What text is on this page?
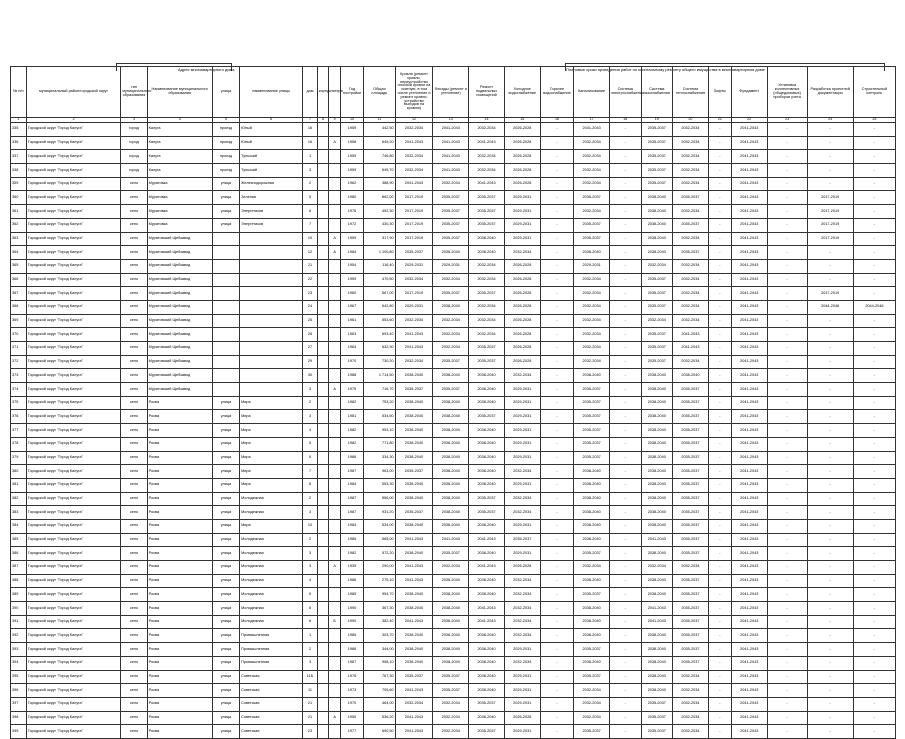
Адрес многоквартирного дома	Плановые сроки проведения работ по капитальному ремонту общего имущества в многоквартирном доме
№ п/п	муниципальный район/городской округ	тип муниципального образования	Наименование муниципального образования	улица	наименование улицы	дом	корпус	литера	Год постройки	Общая площадь	Кровля (ремонт кровли, переустройство плоской кровли на скатную, в том числе утепление и ремонт кровли, устройство выходов на кровлю)	Фасады (ремонт и утепление)	Ремонт подвальных помещений	Холодное водоснабжение	Горячее водоснабжение	Канализование	Система электроснабжения	Система газоснабжения	Система теплоснабжения	Лифты	Фундамент	Установка коллективных (общедомовых) приборов учета	Разработка проектной документации	Строительный контроль
1	2	3	4	5	6	7	8	9	10	11	12	13	14	15	16	17	18	19	20	21	22	23	24	25
335	Городской округ "Город Калуга"	город	Калуга	проезд	Юный	16			1959	442,50	2032-2034	2041-2043	2032-2034	2026-2028	-	2041-2043	-	2035-2037	2032-2034	-	2041-2043	-	-	-
336	Городской округ "Город Калуга"	город	Калуга	проезд	Юный	16		А	1958	649,20	2041-2043	2041-2043	2041-2043	2026-2028	-	2032-2034	-	2035-2037	2032-2034	-	2041-2043	-	-	-
337	Городской округ "Город Калуга"	город	Калуга	проезд	Тульский	1			1959	746,80	2032-2034	2041-2043	2032-2034	2026-2028	-	2032-2034	-	2035-2037	2032-2034	-	2041-2043	-	-	-
338	Городской округ "Город Калуга"	город	Калуга	проезд	Тульский	3			1959	645,70	2032-2034	2041-2043	2032-2034	2026-2028	-	2032-2034	-	2035-2037	2032-2034	-	2041-2043	-	-	-
359	Городской округ "Город Калуга"	село	Муратовка	улица	Железнодорожная	2			1962	388,90	2041-2043	2032-2034	2041-2043	2026-2028	-	2032-2034	-	2035-2037	2032-2034	-	2041-2043	-	-	-
360	Городской округ "Город Калуга"	село	Муратовка	улица	Зеленая	5			1980	862,00	2017-2019	2035-2037	2035-2037	2029-2031	-	2035-2037	-	2038-2040	2035-2037	-	2041-2043	-	2017-2019	-
361	Городской округ "Город Калуга"	село	Муратовка	улица	Энергетиков	6			1976	492,30	2017-2019	2035-2037	2035-2037	2029-2031	-	2032-2034	-	2038-2040	2032-2034	-	2041-2043	-	2017-2019	-
362	Городской округ "Город Калуга"	село	Муратовка	улица	Энергетиков	7			1972	430,30	2017-2019	2035-2037	2035-2037	2029-2031	-	2035-2037	-	2038-2040	2035-2037	-	2041-2043	-	2017-2019	-
363	Городской округ "Город Калуга"	село	Муратовский Щебзавод			10		А	1959	317,90	2017-2019	2035-2037	2038-2040	2029-2031	-	2035-2037	-	2038-2040	2032-2034	-	2041-2043	-	2017-2019	-
364	Городской округ "Город Калуга"	село	Муратовский Щебзавод			12		А	1984	1 100,80	2035-2037	2038-2040	2038-2040	2032-2034	-	2038-2040	-	2038-2040	2035-2037	-	2041-2043	-	-	-
365	Городской округ "Город Калуга"	село	Муратовский Щебзавод			21			1954	116,40	2029-2031	2029-2031	2032-2034	2026-2028	-	2029-2031	-	2032-2034	2032-2034	-	2041-2043	-	-	-
366	Городской округ "Город Калуга"	село	Муратовский Щебзавод			22			1959	470,50	2032-2034	2032-2034	2032-2034	2026-2028	-	2032-2034	-	2035-2037	2032-2034	-	2041-2043	-	-	-
367	Городской округ "Город Калуга"	село	Муратовский Щебзавод			23			1960	567,00	2017-2019	2035-2037	2035-2037	2026-2028	-	2032-2034	-	2035-2037	2032-2034	-	2041-2043	-	2017-2019	-
368	Городской округ "Город Калуга"	село	Муратовский Щебзавод			24			1967	642,80	2029-2031	2038-2040	2032-2034	2026-2028	-	2032-2034	-	2035-2037	2032-2034	-	2041-2043	-	2044-2046	2044-2046
369	Городской округ "Город Калуга"	село	Муратовский Щебзавод			25			1961	553,60	2032-2034	2032-2034	2032-2034	2026-2028	-	2032-2034	-	2032-2034	2032-2034	-	2041-2043	-	-	-
370	Городской округ "Город Калуга"	село	Муратовский Щебзавод			26			1963	693,40	2041-2043	2032-2034	2032-2034	2026-2028	-	2032-2034	-	2035-2037	2041-2043	-	2041-2043	-	-	-
371	Городской округ "Город Калуга"	село	Муратовский Щебзавод			27			1964	632,30	2041-2043	2032-2034	2035-2037	2026-2028	-	2032-2034	-	2035-2037	2041-2043	-	2041-2043	-	-	-
372	Городской округ "Город Калуга"	село	Муратовский Щебзавод			29			1970	730,20	2032-2034	2035-2037	2035-2037	2026-2028	-	2032-2034	-	2035-2037	2032-2034	-	2041-2043	-	-	-
373	Городской округ "Город Калуга"	село	Муратовский Щебзавод			30			1988	1 714,50	2038-2040	2038-2040	2038-2040	2032-2034	-	2038-2040	-	2038-2040	2038-2040	-	2041-2043	-	-	-
374	Городской округ "Город Калуга"	село	Муратовский Щебзавод			3		А	1979	716,70	2035-2037	2035-2037	2038-2040	2029-2031	-	2035-2037	-	2038-2040	2035-2037	-	2041-2043	-	-	-
375	Городской округ "Город Калуга"	село	Росва	улица	Мира	2			1982	753,20	2038-2040	2038-2040	2038-2040	2029-2031	-	2035-2037	-	2038-2040	2035-2037	-	2041-2043	-	-	-
376	Городской округ "Город Калуга"	село	Росва	улица	Мира	3			1981	534,60	2038-2040	2038-2040	2035-2037	2029-2031	-	2035-2037	-	2038-2040	2035-2037	-	2041-2043	-	-	-
377	Городской округ "Город Калуга"	село	Росва	улица	Мира	4			1982	953,10	2038-2040	2038-2040	2038-2040	2029-2031	-	2035-2037	-	2038-2040	2035-2037	-	2041-2043	-	-	-
378	Городской округ "Город Калуга"	село	Росва	улица	Мира	5			1982	771,80	2038-2040	2038-2040	2038-2040	2029-2031	-	2035-2037	-	2038-2040	2035-2037	-	2041-2043	-	-	-
379	Городской округ "Город Калуга"	село	Росва	улица	Мира	6			1986	334,30	2038-2040	2038-2040	2038-2040	2029-2031	-	2035-2037	-	2038-2040	2035-2037	-	2041-2043	-	-	-
380	Городской округ "Город Калуга"	село	Росва	улица	Мира	7			1987	963,00	2035-2037	2038-2040	2038-2040	2032-2034	-	2038-2040	-	2038-2040	2035-2037	-	2041-2043	-	-	-
381	Городской округ "Город Калуга"	село	Росва	улица	Мира	8			1984	553,30	2038-2040	2038-2040	2038-2040	2029-2031	-	2038-2040	-	2038-2040	2035-2037	-	2041-2043	-	-	-
382	Городской округ "Город Калуга"	село	Росва	улица	Молодежная	2			1987	556,00	2038-2040	2038-2040	2035-2037	2032-2034	-	2038-2040	-	2038-2040	2035-2037	-	2041-2043	-	-	-
383	Городской округ "Город Калуга"	село	Росва	улица	Молодежная	3			1987	931,20	2035-2037	2038-2040	2035-2037	2032-2034	-	2038-2040	-	2038-2040	2035-2037	-	2041-2043	-	-	-
384	Городской округ "Город Калуга"	село	Росва	улица	Мира	10			1984	534,00	2038-2040	2038-2040	2038-2040	2029-2031	-	2038-2040	-	2038-2040	2035-2037	-	2041-2043	-	-	-
385	Городской округ "Город Калуга"	село	Росва	улица	Молодежная	2			1985	565,00	2041-2043	2041-2043	2041-2043	2035-2037	-	2038-2040	-	2041-2043	2035-2037	-	2041-2043	-	-	-
386	Городской округ "Город Калуга"	село	Росва	улица	Молодежная	3			1982	572,20	2038-2040	2035-2037	2038-2040	2029-2031	-	2035-2037	-	2038-2040	2035-2037	-	2041-2043	-	-	-
387	Городской округ "Город Калуга"	село	Росва	улица	Молодежная	3		А	1939	290,00	2041-2043	2032-2034	2041-2043	2026-2028	-	2032-2034	-	2032-2034	2032-2034	-	2041-2043	-	-	-
388	Городской округ "Город Калуга"	село	Росва	улица	Молодежная	4			1986	275,10	2041-2043	2038-2040	2038-2040	2032-2034	-	2038-2040	-	2038-2040	2035-2037	-	2041-2043	-	-	-
389	Городской округ "Город Калуга"	село	Росва	улица	Молодежная	5			1985	954,70	2038-2040	2038-2040	2038-2040	2032-2034	-	2035-2037	-	2038-2040	2035-2037	-	2041-2043	-	-	-
390	Городской округ "Город Калуга"	село	Росва	улица	Молодежная	6			1990	367,30	2038-2040	2038-2040	2041-2043	2032-2034	-	2038-2040	-	2041-2043	2035-2037	-	2041-2043	-	-	-
391	Городской округ "Город Калуга"	село	Росва	улица	Молодежная	6		Б	1990	382,40	2041-2043	2038-2040	2041-2043	2032-2034	-	2038-2040	-	2041-2043	2035-2037	-	2041-2043	-	-	-
392	Городской округ "Город Калуга"	село	Росва	улица	Промышленная	1			1985	303,70	2038-2040	2038-2040	2038-2040	2032-2034	-	2038-2040	-	2038-2040	2035-2037	-	2041-2043	-	-	-
393	Городской округ "Город Калуга"	село	Росва	улица	Промышленная	2			1988	344,00	2038-2040	2038-2040	2038-2040	2029-2031	-	2035-2037	-	2038-2040	2035-2037	-	2041-2043	-	-	-
394	Городской округ "Город Калуга"	село	Росва	улица	Промышленная	3			1987	958,10	2038-2040	2038-2040	2038-2040	2032-2034	-	2038-2040	-	2038-2040	2035-2037	-	2041-2043	-	-	-
395	Городской округ "Город Калуга"	село	Росва	улица	Советская	11Б			1976	767,30	2035-2037	2035-2037	2038-2040	2029-2031	-	2035-2037	-	2038-2040	2032-2034	-	2041-2043	-	-	-
396	Городской округ "Город Калуга"	село	Росва	улица	Советская	11			1973	705,60	2041-2043	2035-2037	2038-2040	2029-2031	-	2032-2034	-	2038-2040	2032-2034	-	2041-2043	-	-	-
397	Городской округ "Город Калуга"	село	Росва	улица	Советская	21			1970	464,00	2032-2034	2032-2034	2035-2037	2029-2031	-	2032-2034	-	2035-2037	2032-2034	-	2041-2043	-	-	-
398	Городской округ "Город Калуга"	село	Росва	улица	Советская	21		А	1959	536,20	2041-2043	2032-2034	2038-2040	2026-2028	-	2032-2034	-	2035-2037	2032-2034	-	2041-2043	-	-	-
399	Городской округ "Город Калуга"	село	Росва	улица	Советская	23			1977	690,50	2041-2043	2032-2034	2035-2037	2029-2031	-	2035-2037	-	2035-2037	2032-2034	-	2041-2043	-	-	-
